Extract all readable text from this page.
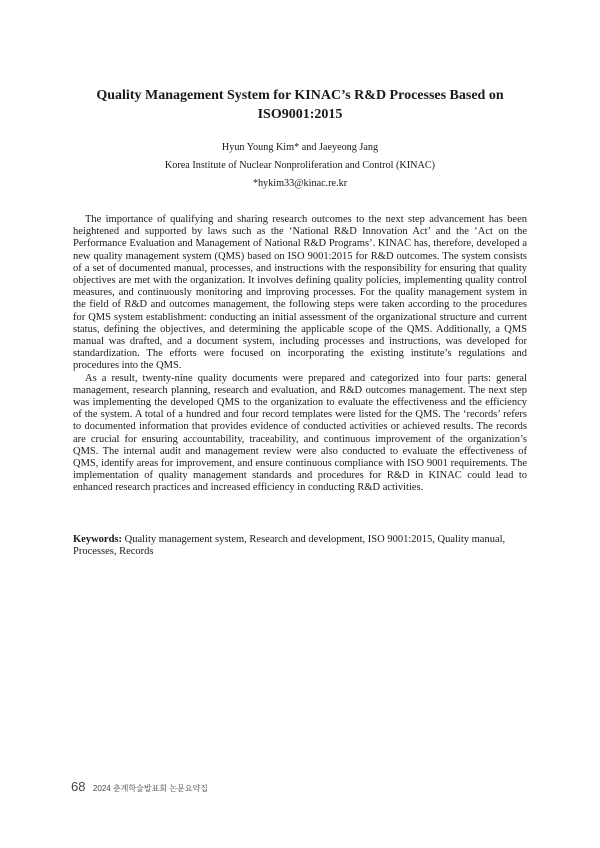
Quality Management System for KINAC’s R&D Processes Based on ISO9001:2015
Hyun Young Kim* and Jaeyeong Jang
Korea Institute of Nuclear Nonproliferation and Control (KINAC)
*hykim33@kinac.re.kr

The importance of qualifying and sharing research outcomes to the next step advancement has been heightened and supported by laws such as the ‘National R&D Innovation Act’ and the ‘Act on the Performance Evaluation and Management of National R&D Programs’. KINAC has, therefore, developed a new quality management system (QMS) based on ISO 9001:2015 for R&D outcomes. The system consists of a set of documented manual, processes, and instructions with the responsibility for ensuring that quality objectives are met with the organization. It involves defining quality policies, implementing quality control measures, and continuously monitoring and improving processes. For the quality management system in the field of R&D and outcomes management, the following steps were taken according to the procedures for QMS system establishment: conducting an initial assessment of the organizational structure and current status, defining the objectives, and determining the applicable scope of the QMS. Additionally, a QMS manual was drafted, and a document system, including processes and instructions, was developed for standardization. The efforts were focused on incorporating the existing institute’s regulations and procedures into the QMS.

As a result, twenty-nine quality documents were prepared and categorized into four parts: general management, research planning, research and evaluation, and R&D outcomes management. The next step was implementing the developed QMS to the organization to evaluate the effectiveness and the efficiency of the system. A total of a hundred and four record templates were listed for the QMS. The ‘records’ refers to documented information that provides evidence of conducted activities or achieved results. The records are crucial for ensuring accountability, traceability, and continuous improvement of the organization’s QMS. The internal audit and management review were also conducted to evaluate the effectiveness of QMS, identify areas for improvement, and ensure continuous compliance with ISO 9001 requirements. The implementation of quality management standards and procedures for R&D in KINAC could lead to enhanced research practices and increased efficiency in conducting R&D activities.

Keywords: Quality management system, Research and development, ISO 9001:2015, Quality manual, Processes, Records
68 2024 춘계학술발표회 논문요약집
